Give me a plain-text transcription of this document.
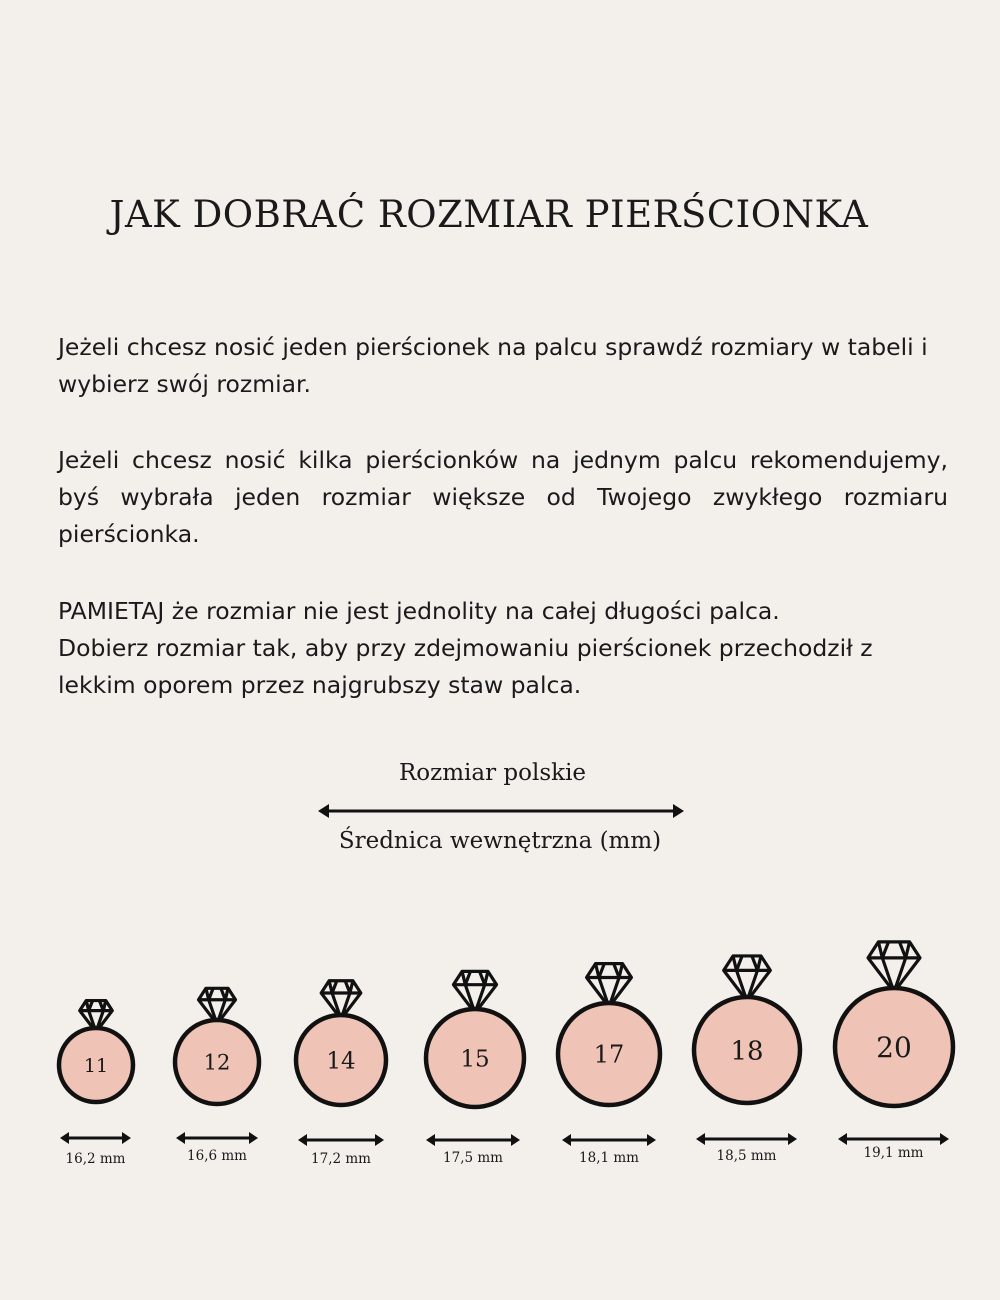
JAK DOBRAĆ ROZMIAR PIERŚCIONKA

Jeżeli chcesz nosić jeden pierścionek na palcu sprawdź rozmiary w tabeli i wybierz swój rozmiar.

Jeżeli chcesz nosić kilka pierścionków na jednym palcu rekomendujemy, byś wybrała jeden rozmiar większe od Twojego zwykłego rozmiaru pierścionka.

PAMIETAJ że rozmiar nie jest jednolity na całej długości palca.
Dobierz rozmiar tak, aby przy zdejmowaniu pierścionek przechodził z lekkim oporem przez najgrubszy staw palca.
Rozmiar polskie
Średnica wewnętrzna (mm)
11
16,2 mm
12
16,6 mm
14
17,2 mm
15
17,5 mm
17
18,1 mm
18
18,5 mm
20
19,1 mm
